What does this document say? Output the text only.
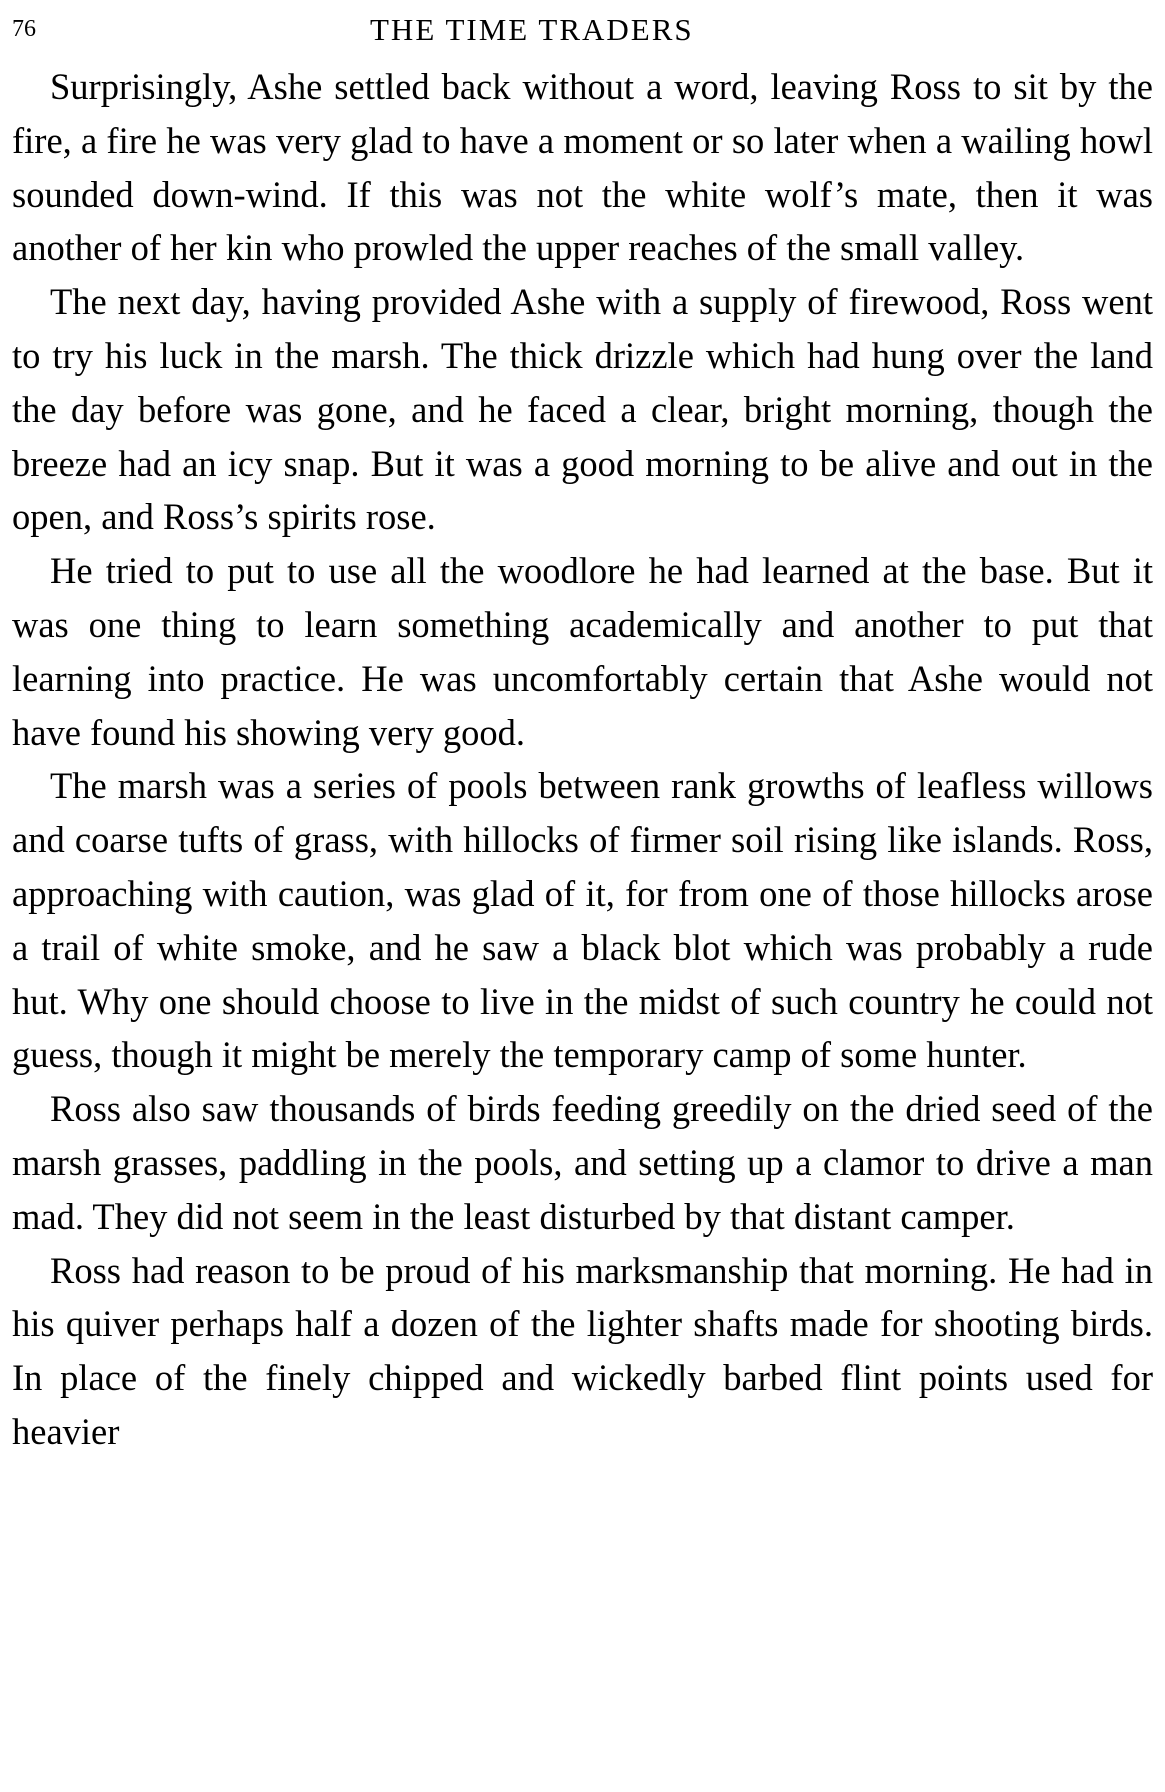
76	THE TIME TRADERS

Surprisingly, Ashe settled back without a word, leaving Ross to sit by the fire, a fire he was very glad to have a moment or so later when a wailing howl sounded down-wind. If this was not the white wolf’s mate, then it was another of her kin who prowled the upper reaches of the small valley.

The next day, having provided Ashe with a supply of firewood, Ross went to try his luck in the marsh. The thick drizzle which had hung over the land the day before was gone, and he faced a clear, bright morning, though the breeze had an icy snap. But it was a good morning to be alive and out in the open, and Ross’s spirits rose.

He tried to put to use all the woodlore he had learned at the base. But it was one thing to learn something academically and another to put that learning into practice. He was uncomfortably certain that Ashe would not have found his showing very good.

The marsh was a series of pools between rank growths of leafless willows and coarse tufts of grass, with hillocks of firmer soil rising like islands. Ross, approaching with caution, was glad of it, for from one of those hillocks arose a trail of white smoke, and he saw a black blot which was probably a rude hut. Why one should choose to live in the midst of such country he could not guess, though it might be merely the temporary camp of some hunter.

Ross also saw thousands of birds feeding greedily on the dried seed of the marsh grasses, paddling in the pools, and setting up a clamor to drive a man mad. They did not seem in the least disturbed by that distant camper.

Ross had reason to be proud of his marksmanship that morning. He had in his quiver perhaps half a dozen of the lighter shafts made for shooting birds. In place of the finely chipped and wickedly barbed flint points used for heavier
